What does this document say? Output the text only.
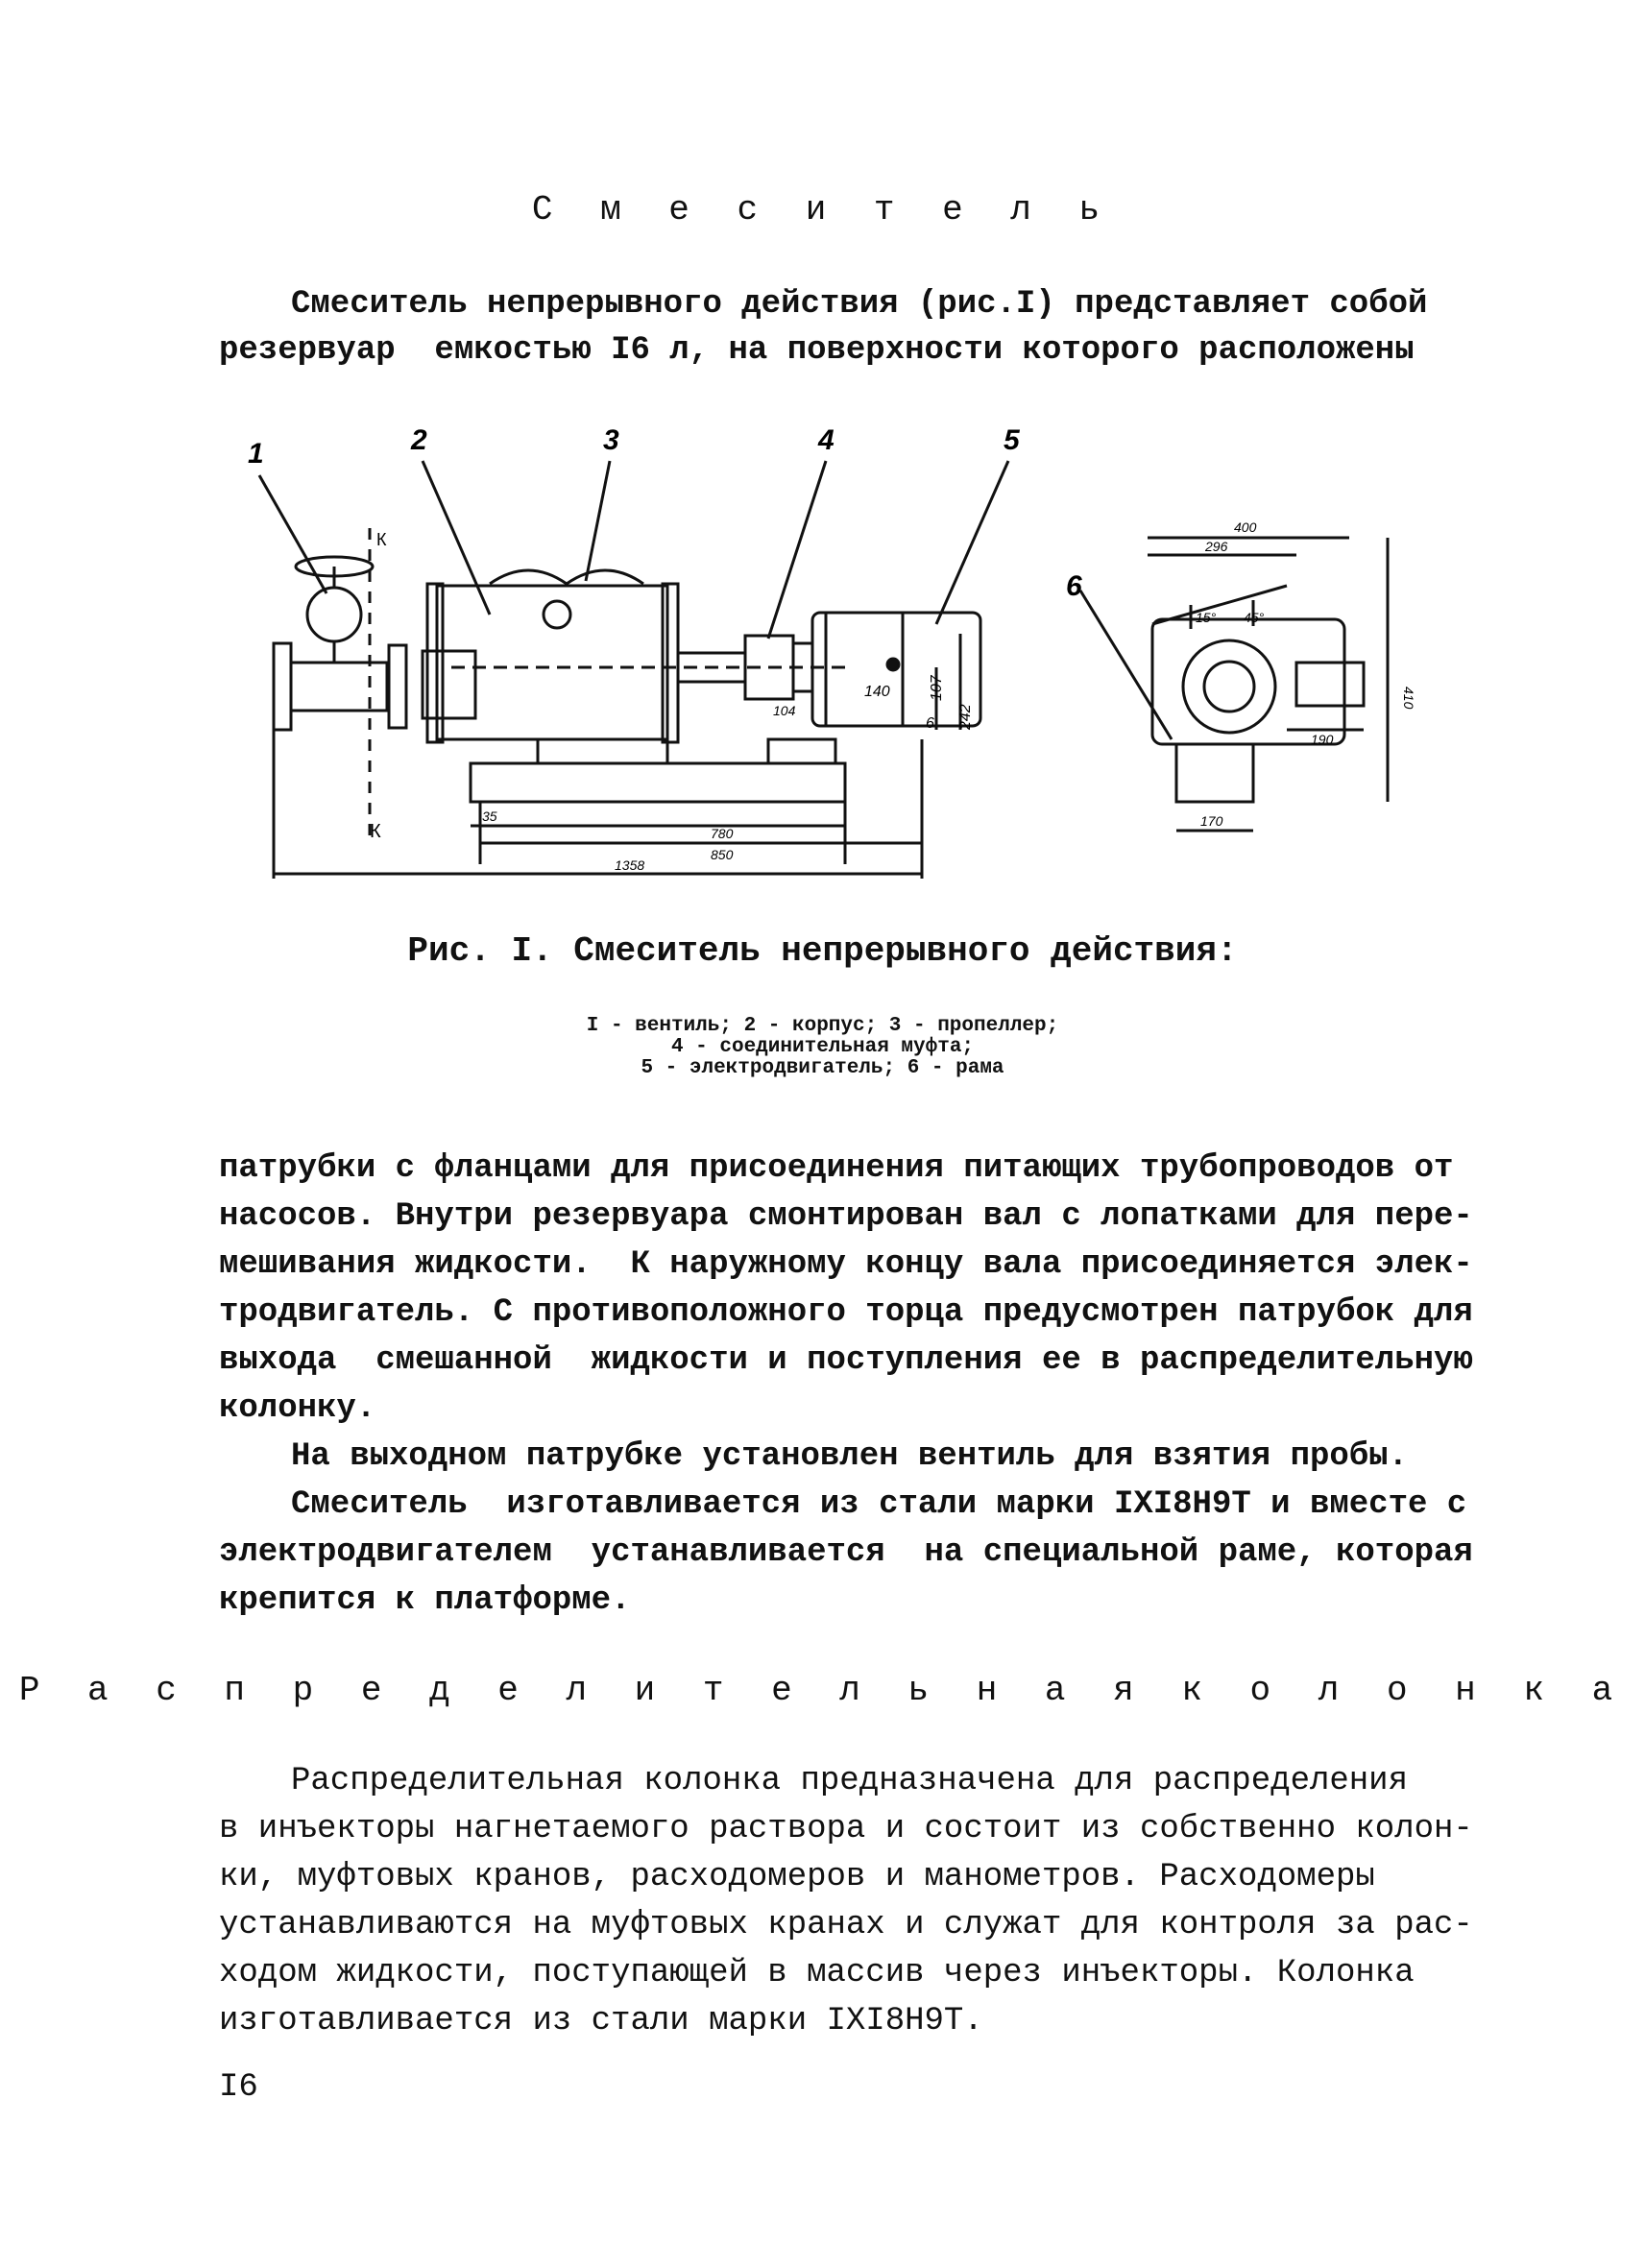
С м е с и т е л ь
Смеситель непрерывного действия (рис.I) представляет собой
резервуар  емкостью I6 л, на поверхности которого расположены
1	2	3	4	5
6
К
К
140	107
6 242
104
35
780
850
1358
400
296
15° 45°
410
190
170
Рис. I. Смеситель непрерывного действия:
I - вентиль; 2 - корпус; 3 - пропеллер;
4 - соединительная муфта;
5 - электродвигатель; 6 - рама
патрубки с фланцами для присоединения питающих трубопроводов от
насосов. Внутри резервуара смонтирован вал с лопатками для пере-
мешивания жидкости.  К наружному концу вала присоединяется элек-
тродвигатель. С противоположного торца предусмотрен патрубок для
выхода  смешанной  жидкости и поступления ее в распределительную
колонку.
На выходном патрубке установлен вентиль для взятия пробы.
Смеситель  изготавливается из стали марки IХI8Н9Т и вместе с
электродвигателем  устанавливается  на специальной раме, которая
крепится к платформе.
Р а с п р е д е л и т е л ь н а я к о л о н к а
Распределительная колонка предназначена для распределения
в инъекторы нагнетаемого раствора и состоит из собственно колон-
ки, муфтовых кранов, расходомеров и манометров. Расходомеры
устанавливаются на муфтовых кранах и служат для контроля за рас-
ходом жидкости, поступающей в массив через инъекторы. Колонка
изготавливается из стали марки IХI8Н9Т.
I6
